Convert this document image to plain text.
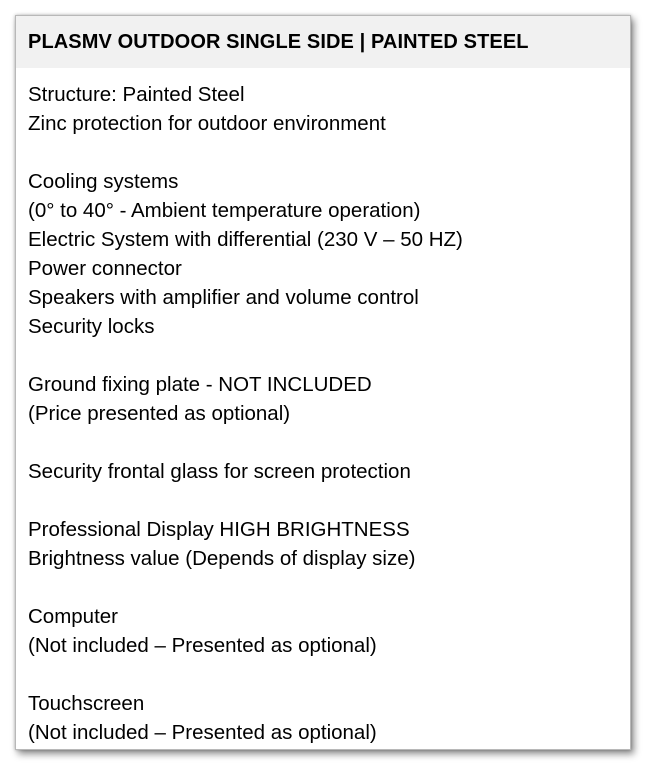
PLASMV OUTDOOR SINGLE SIDE | PAINTED STEEL
Structure: Painted Steel
Zinc protection for outdoor environment
Cooling systems
(0° to 40° - Ambient temperature operation)
Electric System with differential (230 V – 50 HZ)
Power connector
Speakers with amplifier and volume control
Security locks
Ground fixing plate - NOT INCLUDED
(Price presented as optional)
Security frontal glass for screen protection
Professional Display HIGH BRIGHTNESS
Brightness value (Depends of display size)
Computer
(Not included – Presented as optional)
Touchscreen
(Not included – Presented as optional)
